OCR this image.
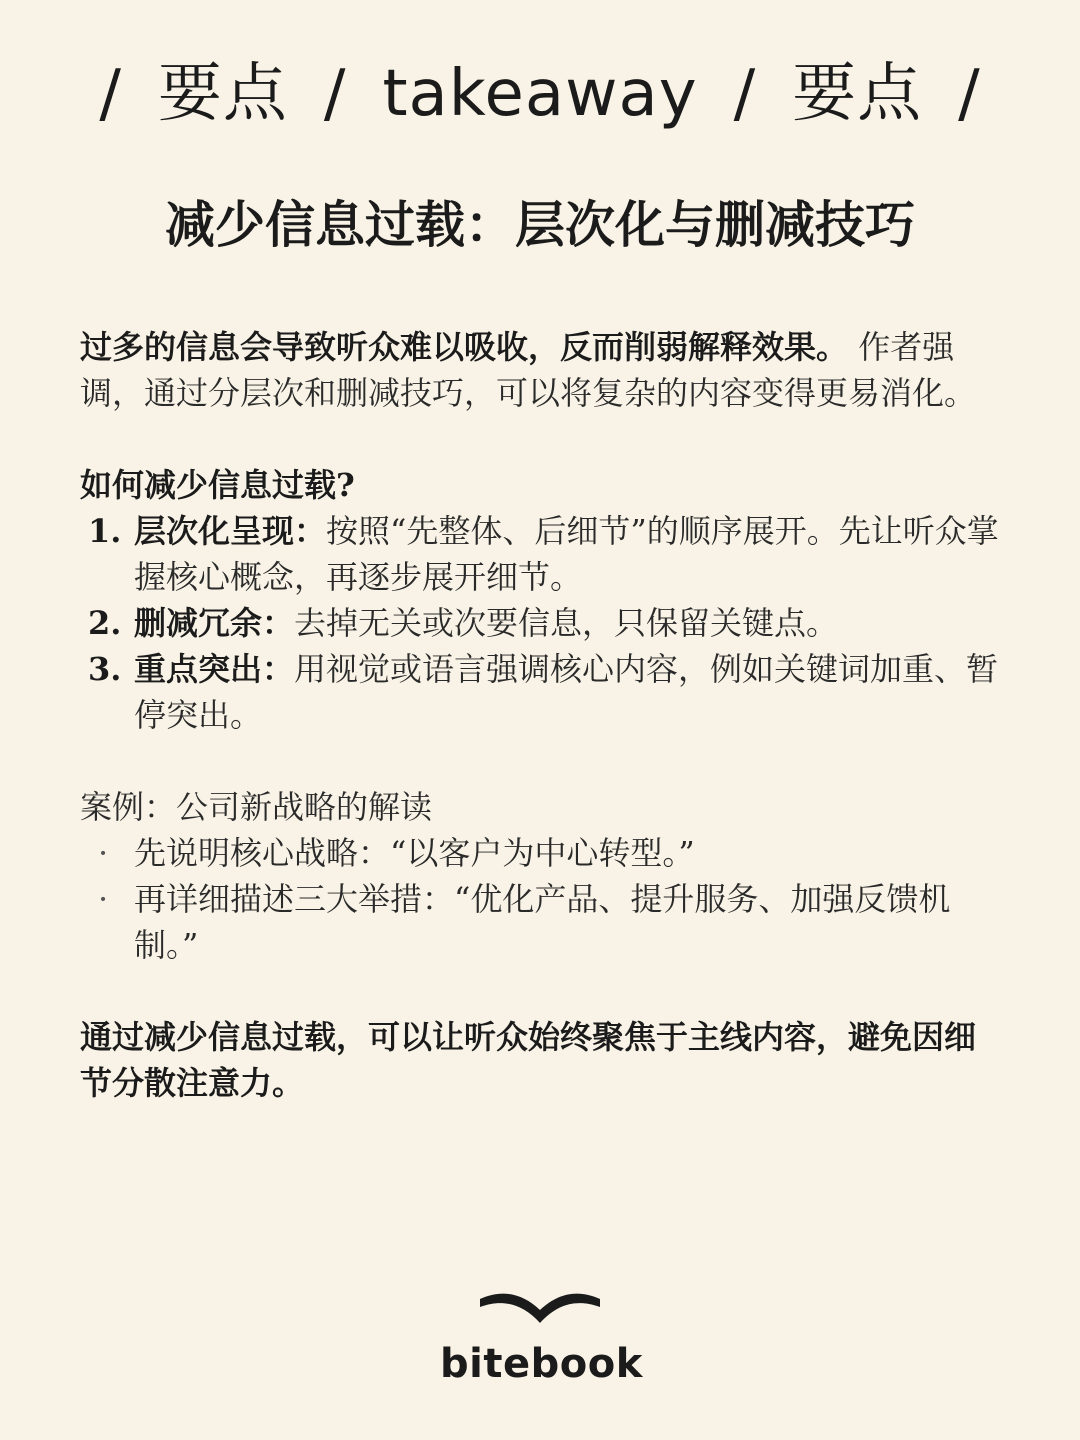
/ 要点 / takeaway / 要点 /
减少信息过载：层次化与删减技巧

过多的信息会导致听众难以吸收，反而削弱解释效果。 作者强调，通过分层次和删减技巧，可以将复杂的内容变得更易消化。

如何减少信息过载?

1. 层次化呈现：按照“先整体、后细节”的顺序展开。先让听众掌握核心概念，再逐步展开细节。
2. 删减冗余：去掉无关或次要信息，只保留关键点。
3. 重点突出：用视觉或语言强调核心内容，例如关键词加重、暂停突出。

案例：公司新战略的解读

· 先说明核心战略：“以客户为中心转型。”
· 再详细描述三大举措：“优化产品、提升服务、加强反馈机制。”

通过减少信息过载，可以让听众始终聚焦于主线内容，避免因细节分散注意力。

bitebook
